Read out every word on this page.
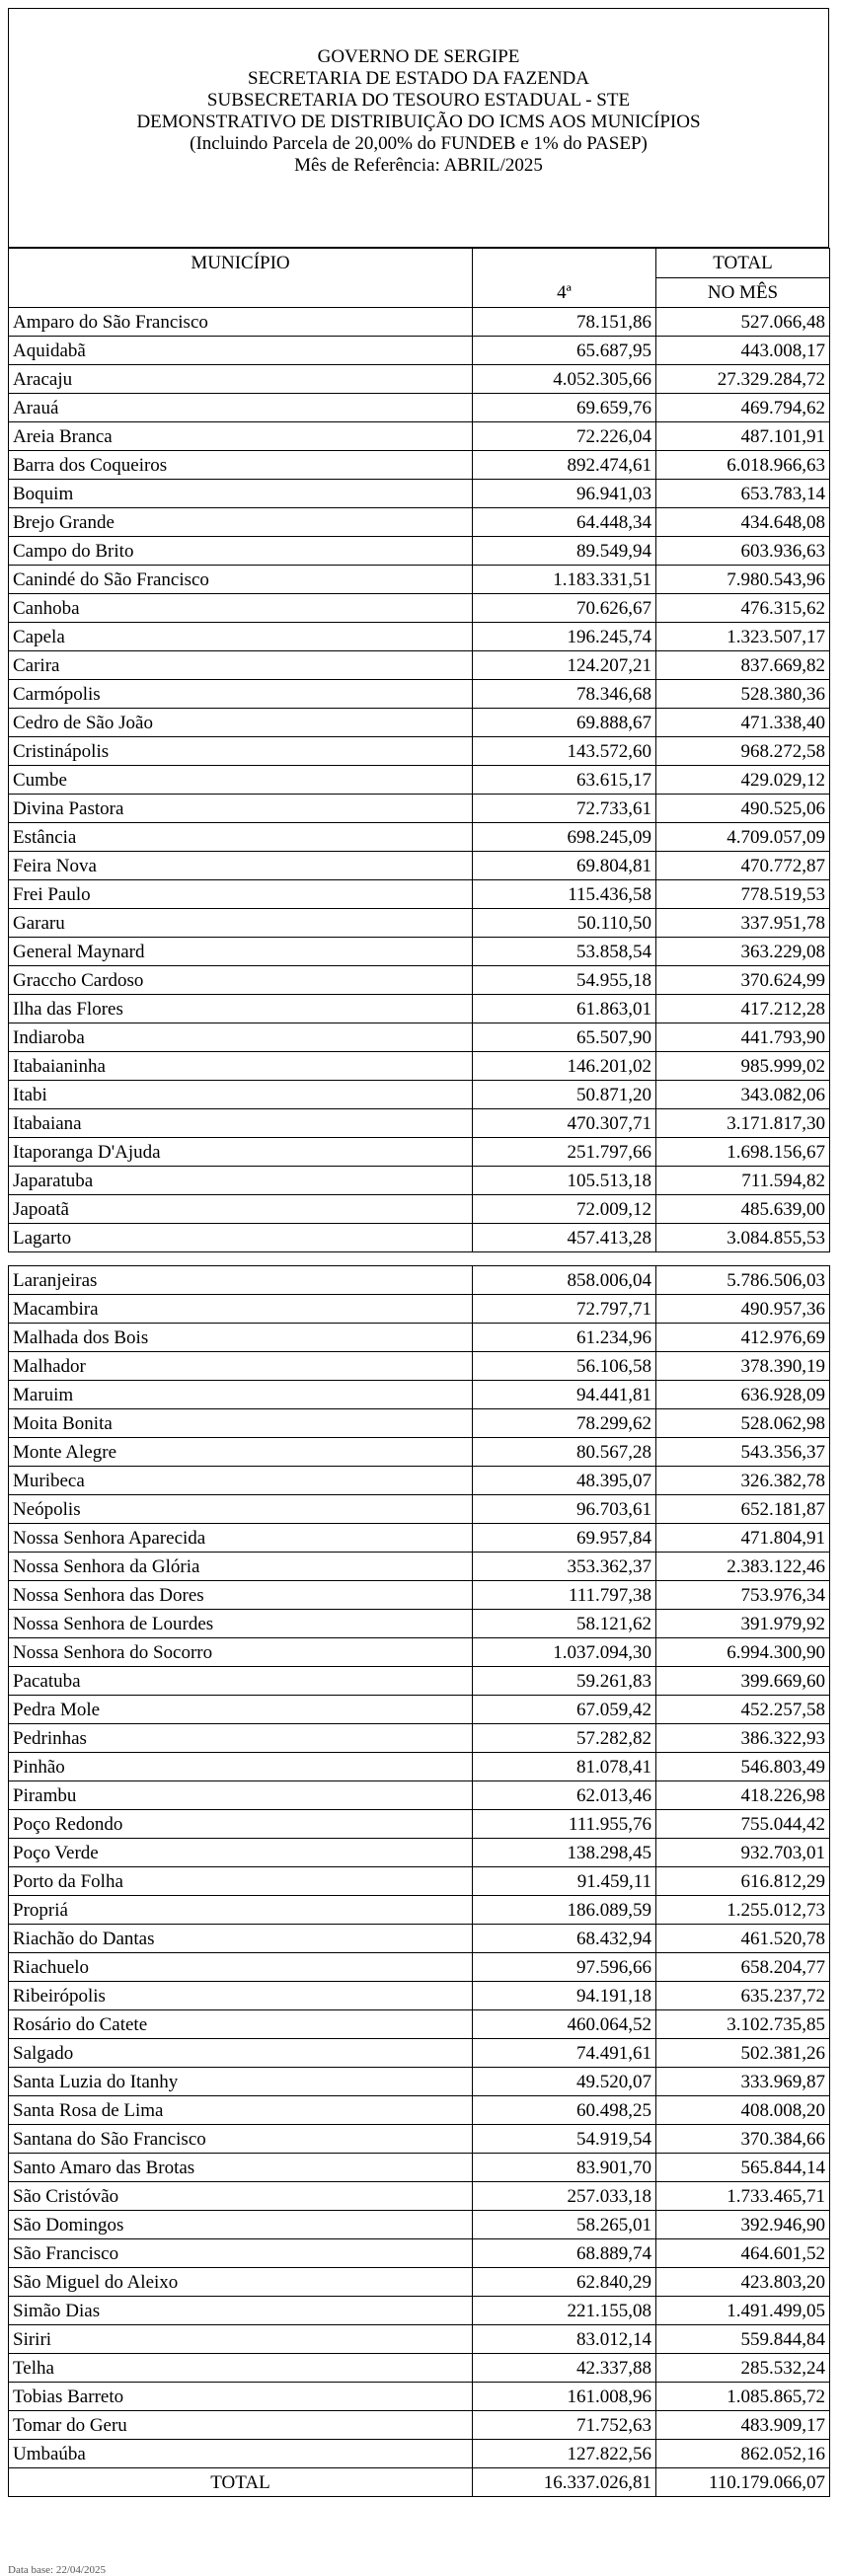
GOVERNO DE SERGIPE
SECRETARIA DE ESTADO DA FAZENDA
SUBSECRETARIA DO TESOURO ESTADUAL - STE
DEMONSTRATIVO DE DISTRIBUIÇÃO DO ICMS AOS MUNICÍPIOS
(Incluindo Parcela de 20,00% do FUNDEB e 1% do PASEP)
Mês de Referência: ABRIL/2025
MUNICÍPIO		TOTAL
	4ª	NO MÊS
Amparo do São Francisco	78.151,86	527.066,48
Aquidabã	65.687,95	443.008,17
Aracaju	4.052.305,66	27.329.284,72
Arauá	69.659,76	469.794,62
Areia Branca	72.226,04	487.101,91
Barra dos Coqueiros	892.474,61	6.018.966,63
Boquim	96.941,03	653.783,14
Brejo Grande	64.448,34	434.648,08
Campo do Brito	89.549,94	603.936,63
Canindé do São Francisco	1.183.331,51	7.980.543,96
Canhoba	70.626,67	476.315,62
Capela	196.245,74	1.323.507,17
Carira	124.207,21	837.669,82
Carmópolis	78.346,68	528.380,36
Cedro de São João	69.888,67	471.338,40
Cristinápolis	143.572,60	968.272,58
Cumbe	63.615,17	429.029,12
Divina Pastora	72.733,61	490.525,06
Estância	698.245,09	4.709.057,09
Feira Nova	69.804,81	470.772,87
Frei Paulo	115.436,58	778.519,53
Gararu	50.110,50	337.951,78
General Maynard	53.858,54	363.229,08
Graccho Cardoso	54.955,18	370.624,99
Ilha das Flores	61.863,01	417.212,28
Indiaroba	65.507,90	441.793,90
Itabaianinha	146.201,02	985.999,02
Itabi	50.871,20	343.082,06
Itabaiana	470.307,71	3.171.817,30
Itaporanga D'Ajuda	251.797,66	1.698.156,67
Japaratuba	105.513,18	711.594,82
Japoatã	72.009,12	485.639,00
Lagarto	457.413,28	3.084.855,53

Laranjeiras	858.006,04	5.786.506,03
Macambira	72.797,71	490.957,36
Malhada dos Bois	61.234,96	412.976,69
Malhador	56.106,58	378.390,19
Maruim	94.441,81	636.928,09
Moita Bonita	78.299,62	528.062,98
Monte Alegre	80.567,28	543.356,37
Muribeca	48.395,07	326.382,78
Neópolis	96.703,61	652.181,87
Nossa Senhora Aparecida	69.957,84	471.804,91
Nossa Senhora da Glória	353.362,37	2.383.122,46
Nossa Senhora das Dores	111.797,38	753.976,34
Nossa Senhora de Lourdes	58.121,62	391.979,92
Nossa Senhora do Socorro	1.037.094,30	6.994.300,90
Pacatuba	59.261,83	399.669,60
Pedra Mole	67.059,42	452.257,58
Pedrinhas	57.282,82	386.322,93
Pinhão	81.078,41	546.803,49
Pirambu	62.013,46	418.226,98
Poço Redondo	111.955,76	755.044,42
Poço Verde	138.298,45	932.703,01
Porto da Folha	91.459,11	616.812,29
Propriá	186.089,59	1.255.012,73
Riachão do Dantas	68.432,94	461.520,78
Riachuelo	97.596,66	658.204,77
Ribeirópolis	94.191,18	635.237,72
Rosário do Catete	460.064,52	3.102.735,85
Salgado	74.491,61	502.381,26
Santa Luzia do Itanhy	49.520,07	333.969,87
Santa Rosa de Lima	60.498,25	408.008,20
Santana do São Francisco	54.919,54	370.384,66
Santo Amaro das Brotas	83.901,70	565.844,14
São Cristóvão	257.033,18	1.733.465,71
São Domingos	58.265,01	392.946,90
São Francisco	68.889,74	464.601,52
São Miguel do Aleixo	62.840,29	423.803,20
Simão Dias	221.155,08	1.491.499,05
Siriri	83.012,14	559.844,84
Telha	42.337,88	285.532,24
Tobias Barreto	161.008,96	1.085.865,72
Tomar do Geru	71.752,63	483.909,17
Umbaúba	127.822,56	862.052,16
TOTAL	16.337.026,81	110.179.066,07
Data base: 22/04/2025
